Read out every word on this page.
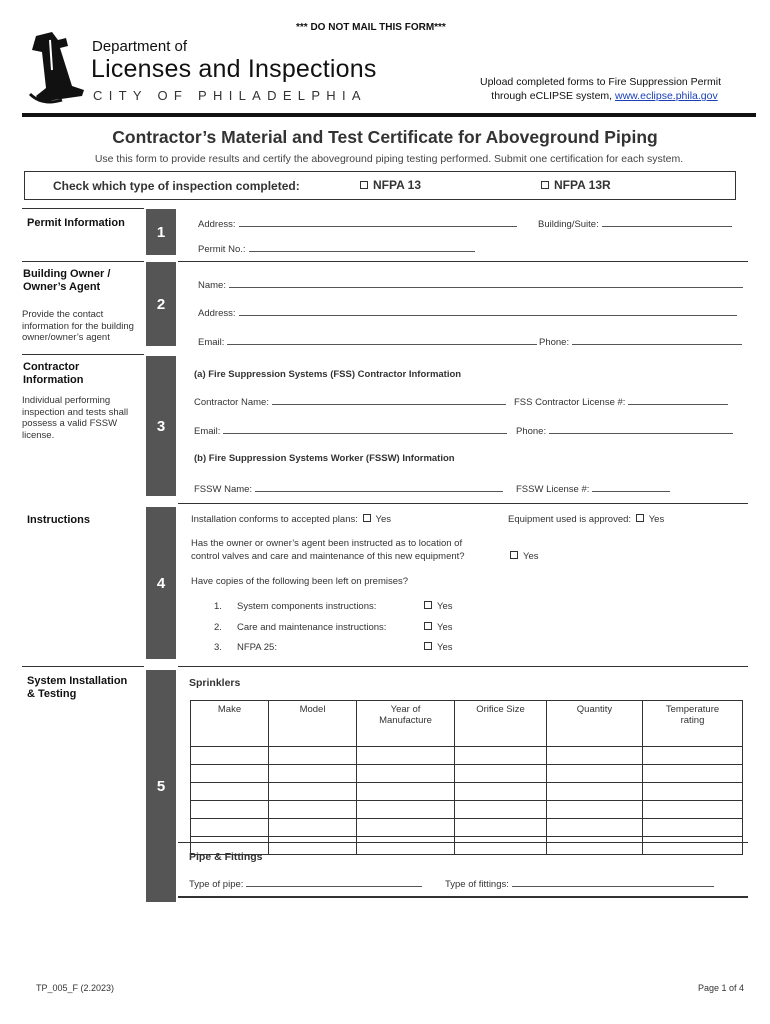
*** DO NOT MAIL THIS FORM***
Department of
Licenses and Inspections
CITY OF PHILADELPHIA
Upload completed forms to Fire Suppression Permit
through eCLIPSE system, www.eclipse.phila.gov
Contractor’s Material and Test Certificate for Aboveground Piping
Use this form to provide results and certify the aboveground piping testing performed. Submit one certification for each system.
Check which type of inspection completed:	NFPA 13	NFPA 13R
Permit Information
1	Address:	Building/Suite:
Permit No.:
Building Owner /
Owner’s Agent
Provide the contact information for the building owner/owner’s agent
2
Name:
Address:
Email:	Phone:
Contractor
Information
Individual performing inspection and tests shall possess a valid FSSW license.
3
(a) Fire Suppression Systems (FSS) Contractor Information
Contractor Name:	FSS Contractor License #:
Email:	Phone:
(b) Fire Suppression Systems Worker (FSSW) Information
FSSW Name:	FSSW License #:
Instructions
4
Installation conforms to accepted plans: Yes	Equipment used is approved: Yes
Has the owner or owner’s agent been instructed as to location of
control valves and care and maintenance of this new equipment?	Yes
Have copies of the following been left on premises?
1. System components instructions:	Yes
2. Care and maintenance instructions:	Yes
3. NFPA 25:	Yes
System Installation
& Testing
5
Sprinklers
Make	Model	Year of Manufacture	Orifice Size	Quantity	Temperature rating

Pipe & Fittings
Type of pipe:	Type of fittings:
TP_005_F (2.2023)	Page 1 of 4
